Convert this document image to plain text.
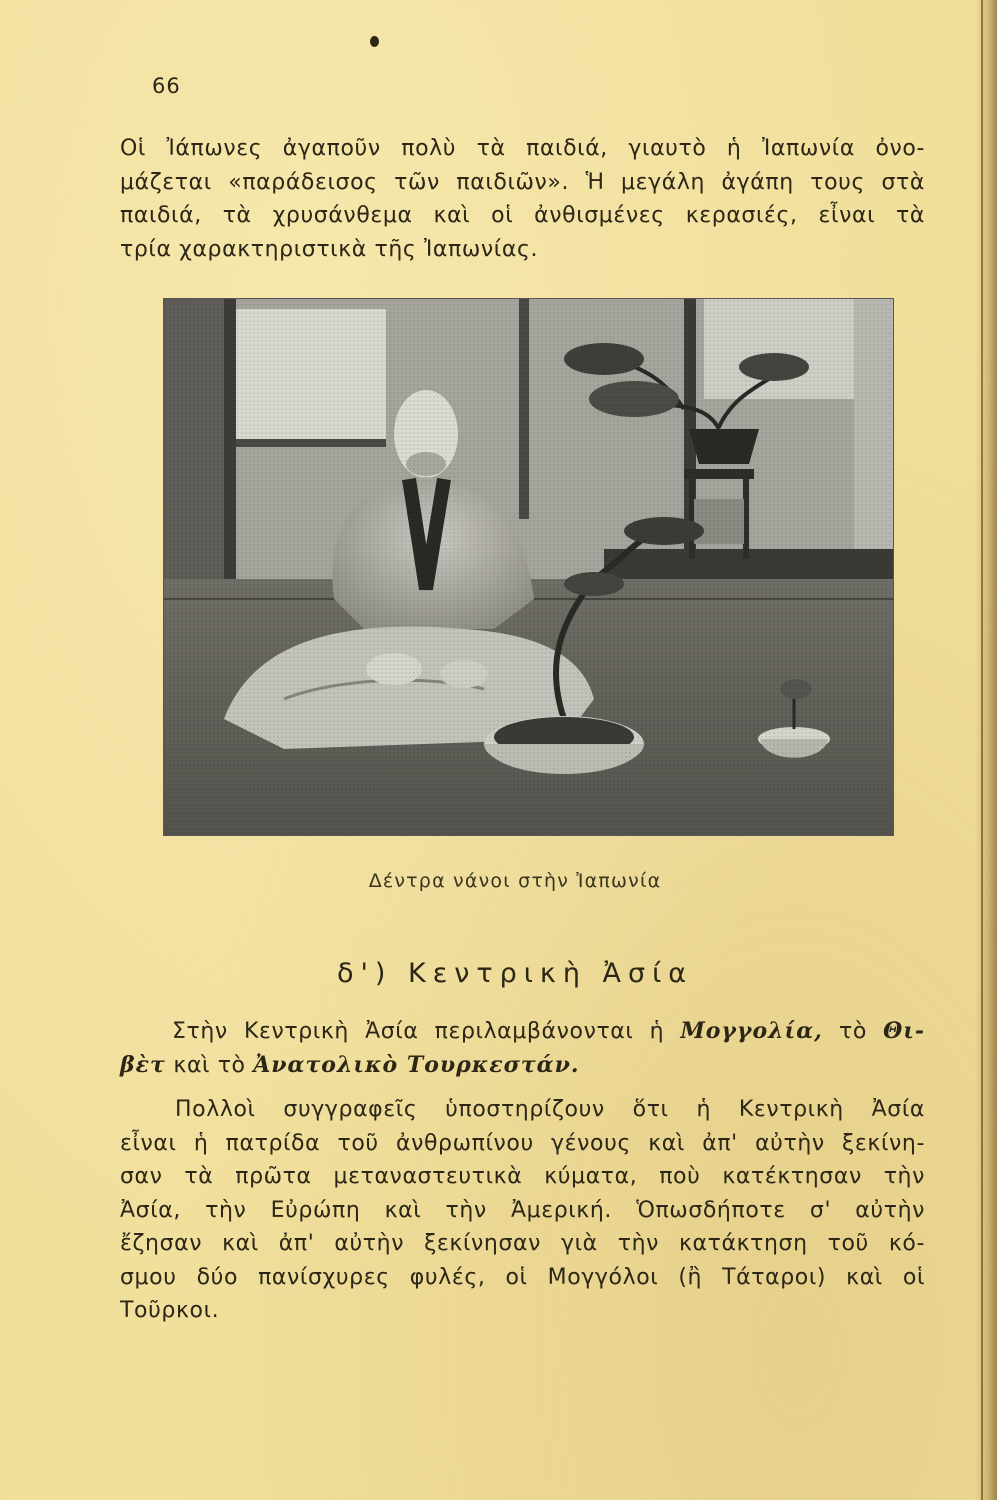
66

Οἱ Ἰάπωνες ἀγαποῦν πολὺ τὰ παιδιά, γιαυτὸ ἡ Ἰαπωνία ὀνο-
μάζεται «παράδεισος τῶν παιδιῶν». Ἡ μεγάλη ἀγάπη τους στὰ
παιδιά, τὰ χρυσάνθεμα καὶ οἱ ἀνθισμένες κερασιές, εἶναι τὰ
τρία χαρακτηριστικὰ τῆς Ἰαπωνίας.

Δέντρα νάνοι στὴν Ἰαπωνία
δ') Κεντρικὴ Ἀσία

Στὴν Κεντρικὴ Ἀσία περιλαμβάνονται ἡ Μογγολία, τὸ Θι-
βὲτ καὶ τὸ Ἀνατολικὸ Τουρκεστάν.

Πολλοὶ συγγραφεῖς ὑποστηρίζουν ὅτι ἡ Κεντρικὴ Ἀσία
εἶναι ἡ πατρίδα τοῦ ἀνθρωπίνου γένους καὶ ἀπ' αὐτὴν ξεκίνη-
σαν τὰ πρῶτα μεταναστευτικὰ κύματα, ποὺ κατέκτησαν τὴν
Ἀσία, τὴν Εὐρώπη καὶ τὴν Ἀμερική. Ὁπωσδήποτε σ' αὐτὴν
ἔζησαν καὶ ἀπ' αὐτὴν ξεκίνησαν γιὰ τὴν κατάκτηση τοῦ κό-
σμου δύο πανίσχυρες φυλές, οἱ Μογγόλοι (ἢ Τάταροι) καὶ οἱ
Τοῦρκοι.
